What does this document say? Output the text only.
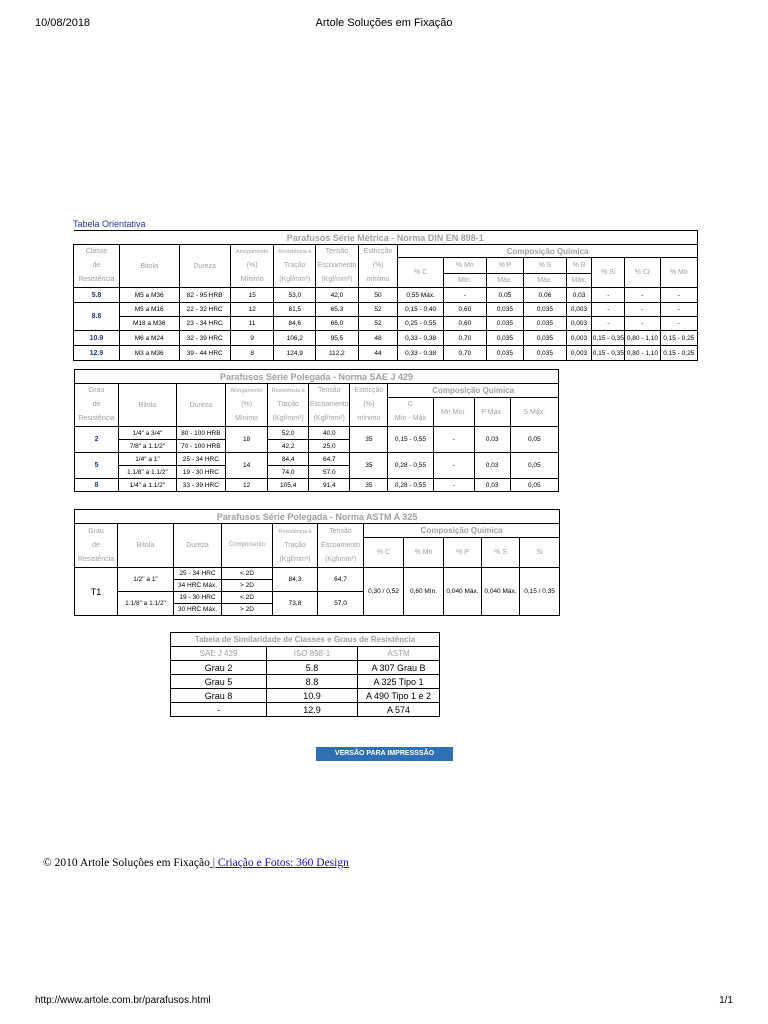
10/08/2018	Artole Soluções em Fixação
http://www.artole.com.br/parafusos.html	1/1
Tabela Orientativa
Parafusos Série Métrica - Norma DIN EN 898-1														

Classe
de
Resistência	Bitola	Dureza	Alongamento
(%)
Mínimo	Resistência à
Tração
(Kgf/mm²)	Tensão
Escoamento
(Kgf/mm²)	Estricção
(%)
mínimo	Composição Química							
							% C	% Mn	% P	% S	% B	% Si	% Cr	% Mo
								Mín.	Máx.	Máx.	Máx.			
5.8	M5 a M36	82 - 95 HRB	15	53,0	42,0	50	0,55 Máx.	-	0,05	0,06	0,03	-	-	-
8.8	M5 a M16	22 - 32 HRC	12	81,5	65,3	52	0,15 - 0,40	0,60	0,035	0,035	0,003	-	-	-
	M18 a M36	23 - 34 HRC	11	84,6	66,0	52	0,25 - 0,55	0,60	0,035	0,035	0,003	-	-	-
10.9	M6 a M24	32 - 39 HRC	9	106,2	95,5	48	0,33 - 0,38	0,70	0,035	0,035	0,003	0,15 - 0,35	0,80 - 1,10	0,15 - 0,25
12.9	M3 a M36	39 - 44 HRC	8	124,9	112,2	44	0,33 - 0,38	0,70	0,035	0,035	0,003	0,15 - 0,35	0,80 - 1,10	0,15 - 0,25
Parafusos Série Polegada - Norma SAE J 429										

Grau
de
Resistência	Bitola	Dureza	Alongamento
(%)
Mínimo	Resistência à
Tração
(Kgf/mm²)	Tensão
Escoamento
(Kgf/mm²)	Estricção
(%)
mínimo	Composição Química			

							C
Mín - Máx	Mn Mín.	P Máx.	S Máx.

2	1/4" a 3/4"	80 - 100 HRB	18	52,0	40,0	35	0,15 - 0,55	-	0,03	0,05
	7/8" a 1.1/2"	70 - 100 HRB		42,2	25,0					
5	1/4" a 1"	25 - 34 HRC	14	84,4	64,7	35	0,28 - 0,55	-	0,03	0,05
	1.1/8" a 1.1/2"	19 - 30 HRC		74,0	57,0					
8	1/4" a 1.1/2"	33 - 39 HRC	12	105,4	91,4	35	0,28 - 0,55	-	0,03	0,05
Parafusos Série Polegada - Norma ASTM A 325										

Grau
de
Resistência	Bitola	Dureza	Comprimento	Resistência à
Tração
(Kgf/mm²)	Tensão
Escoamento
(Kgf/mm²)	Composição Química				
						% C	% Mn	% P	% S	Si
T1	1/2" a 1"	25 - 34 HRC	< 2D	84,3	64,7	0,30 / 0,52	0,60 Mín.	0,040 Máx.	0,040 Máx.	0,15 / 0,35
		34 HRC Máx.	> 2D							
	1.1/8" a 1.1/2"	19 - 30 HRC	< 2D	73,8	57,0					
		30 HRC Máx.	> 2D							
Tabela de Similaridade de Classes e Graus de Resistência		
SAE J 429	ISO 898-1	ASTM
Grau 2	5.8	A 307 Grau B
Grau 5	8.8	A 325 Tipo 1
Grau 8	10.9	A 490 Tipo 1 e 2
-	12.9	A 574
VERSÃO PARA IMPRESSSÃO
© 2010 Artole Soluções em Fixação | Criação e Fotos: 360 Design
